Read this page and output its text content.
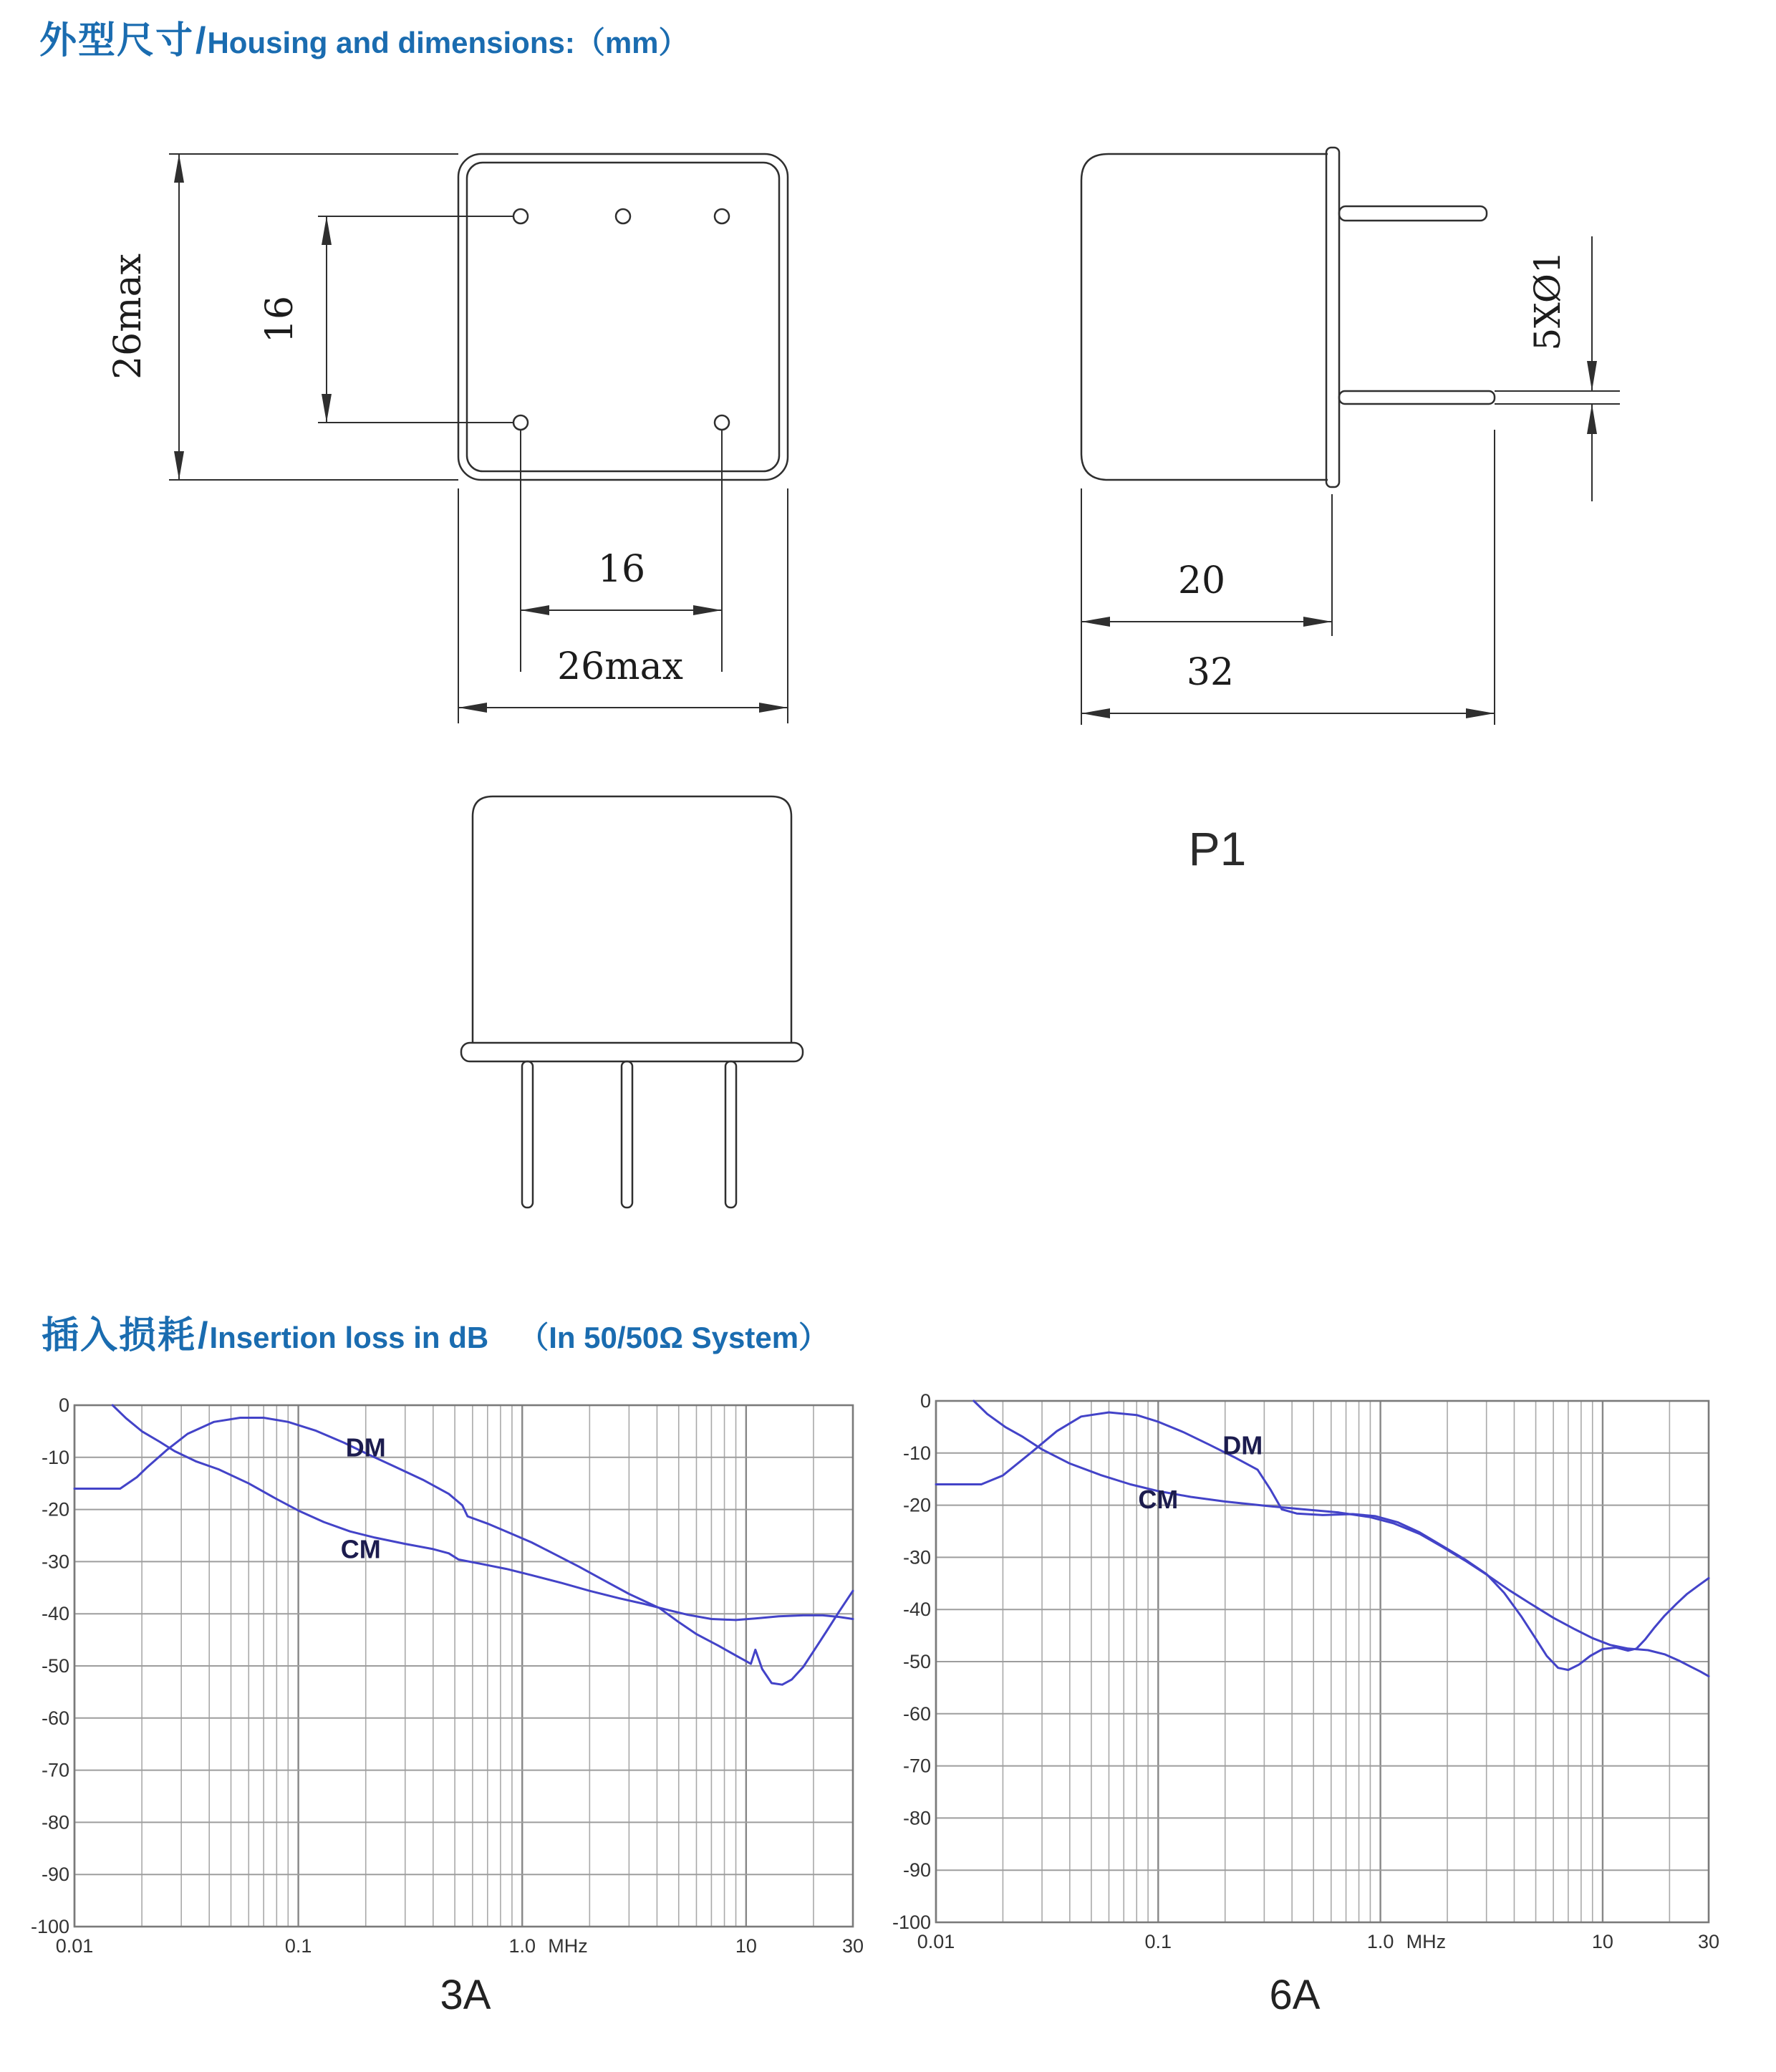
外型尺寸 / Housing and dimensions:（mm）
26max	16
16
26max
5XØ1
20
32
P1
插入损耗 / Insertion loss in dB （In 50/50Ω System）
0
-10
-20
-30
-40
-50
-60
-70
-80
-90
-100
0.01	0.1	1.0 MHz	10	30
DM
CM
0
-10
-20
-30
-40
-50
-60
-70
-80
-90
-100
0.01	0.1	1.0 MHz	10	30
DM
CM
3A	6A
